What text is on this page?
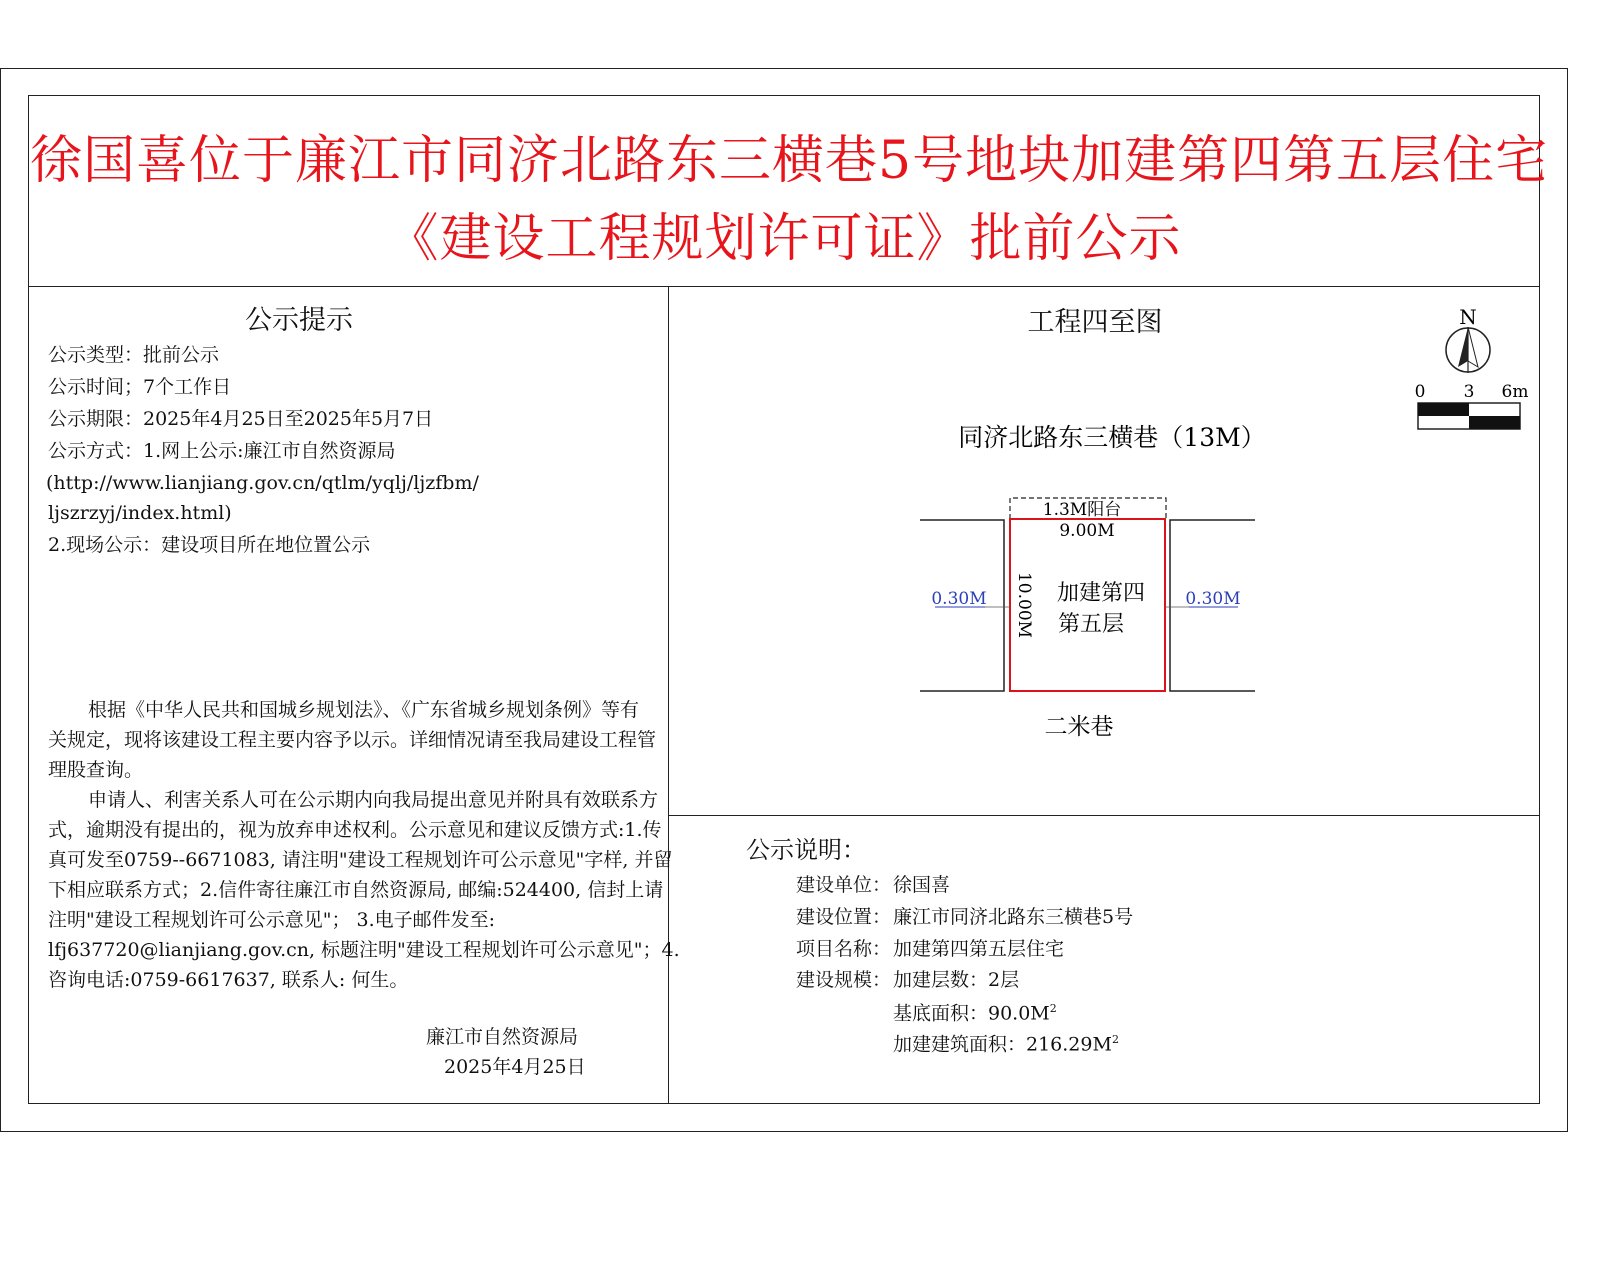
徐国喜位于廉江市同济北路东三横巷5号地块加建第四第五层住宅
《建设工程规划许可证》批前公示
公示提示
公示类型：批前公示
公示时间；7个工作日
公示期限：2025年4月25日至2025年5月7日
公示方式：1.网上公示:廉江市自然资源局
(http://www.lianjiang.gov.cn/qtlm/yqlj/ljzfbm/
ljszrzyj/index.html)
2.现场公示：建设项目所在地位置公示
根据《中华人民共和国城乡规划法》、《广东省城乡规划条例》等有
关规定，现将该建设工程主要内容予以示。详细情况请至我局建设工程管
理股查询。
申请人、利害关系人可在公示期内向我局提出意见并附具有效联系方
式，逾期没有提出的，视为放弃申述权利。公示意见和建议反馈方式:1.传
真可发至0759--6671083, 请注明"建设工程规划许可公示意见"字样, 并留
下相应联系方式；2.信件寄往廉江市自然资源局, 邮编:524400, 信封上请
注明"建设工程规划许可公示意见"； 3.电子邮件发至:
lfj637720@lianjiang.gov.cn, 标题注明"建设工程规划许可公示意见"；4.
咨询电话:0759-6617637, 联系人: 何生。
廉江市自然资源局
2025年4月25日
工程四至图	N
0 3 6m
同济北路东三横巷（13M）
1.3M阳台
9.00M
10.00M 加建第四
第五层
0.30M	0.30M
二米巷
公示说明：
建设单位： 徐国喜
建设位置： 廉江市同济北路东三横巷5号
项目名称： 加建第四第五层住宅
建设规模： 加建层数：2层
基底面积：$90.0M^2$
加建建筑面积：$216.29M^2$
